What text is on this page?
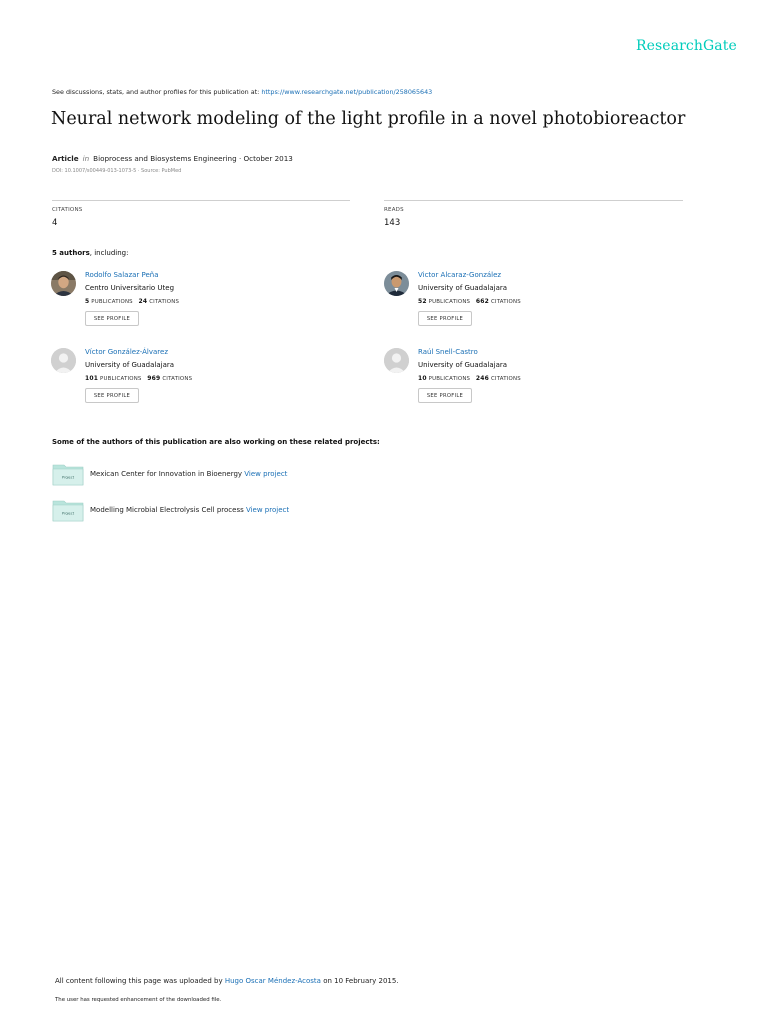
ResearchGate
See discussions, stats, and author profiles for this publication at: https://www.researchgate.net/publication/258065643
Neural network modeling of the light profile in a novel photobioreactor
Article in Bioprocess and Biosystems Engineering · October 2013
DOI: 10.1007/s00449-013-1073-5 · Source: PubMed
CITATIONS
4
READS
143
5 authors, including:
Rodolfo Salazar Peña
Centro Universitario Uteg
5 PUBLICATIONS 24 CITATIONS
SEE PROFILE
Victor Alcaraz-González
University of Guadalajara
52 PUBLICATIONS 662 CITATIONS
SEE PROFILE
Víctor González-Álvarez
University of Guadalajara
101 PUBLICATIONS 969 CITATIONS
SEE PROFILE
Raúl Snell-Castro
University of Guadalajara
10 PUBLICATIONS 246 CITATIONS
SEE PROFILE
Some of the authors of this publication are also working on these related projects:
Project Mexican Center for Innovation in Bioenergy View project
Project Modelling Microbial Electrolysis Cell process View project
All content following this page was uploaded by Hugo Oscar Méndez-Acosta on 10 February 2015.
The user has requested enhancement of the downloaded file.
